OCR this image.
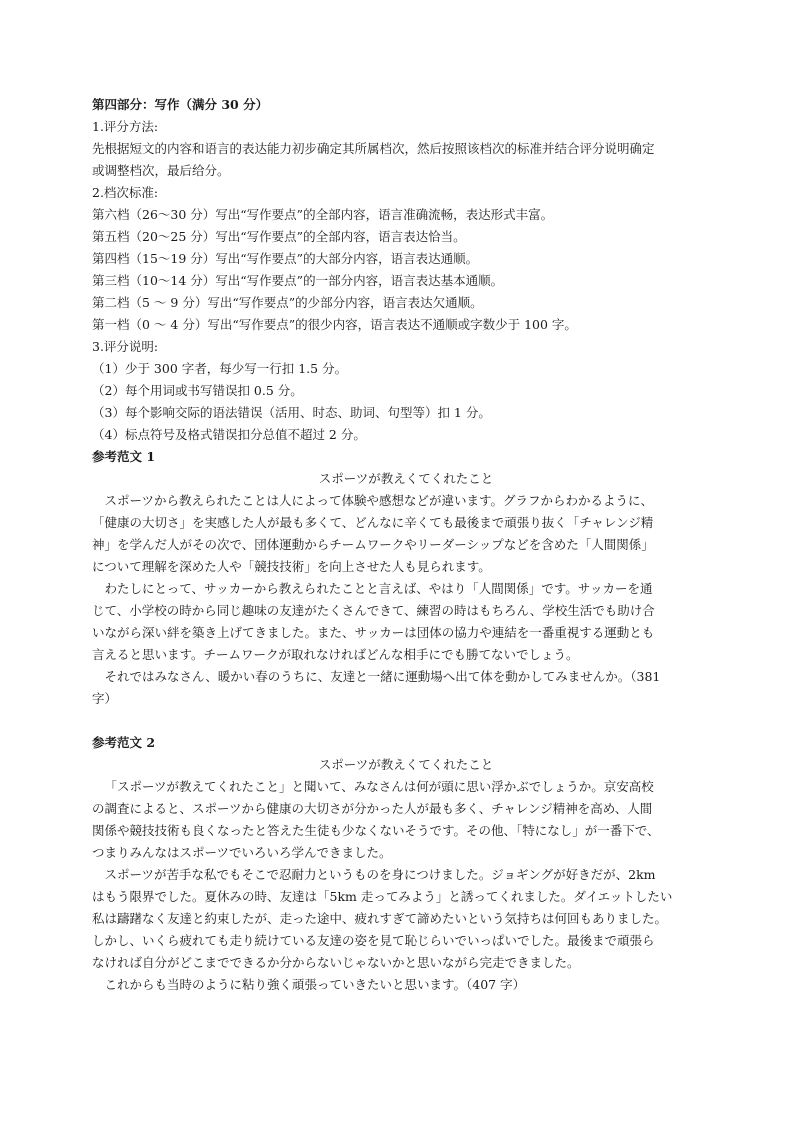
第四部分：写作（满分 30 分）
1.评分方法:
先根据短文的内容和语言的表达能力初步确定其所属档次，然后按照该档次的标准并结合评分说明确定
或调整档次，最后给分。
2.档次标准:
第六档（26～30 分）写出“写作要点”的全部内容，语言准确流畅，表达形式丰富。
第五档（20～25 分）写出“写作要点”的全部内容，语言表达恰当。
第四档（15～19 分）写出“写作要点”的大部分内容，语言表达通顺。
第三档（10～14 分）写出“写作要点”的一部分内容，语言表达基本通顺。
第二档（5 ～ 9 分）写出“写作要点”的少部分内容，语言表达欠通顺。
第一档（0 ～ 4 分）写出“写作要点”的很少内容，语言表达不通顺或字数少于 100 字。
3.评分说明:
（1）少于 300 字者，每少写一行扣 1.5 分。
（2）每个用词或书写错误扣 0.5 分。
（3）每个影响交际的语法错误（活用、时态、助词、句型等）扣 1 分。
（4）标点符号及格式错误扣分总值不超过 2 分。
参考范文 1
スポーツが教えくてくれたこと
スポーツから教えられたことは人によって体験や感想などが違います。グラフからわかるように、
「健康の大切さ」を実感した人が最も多くて、どんなに辛くても最後まで頑張り抜く「チャレンジ精
神」を学んだ人がその次で、団体運動からチームワークやリーダーシップなどを含めた「人間関係」
について理解を深めた人や「競技技術」を向上させた人も見られます。
わたしにとって、サッカーから教えられたことと言えば、やはり「人間関係」です。サッカーを通
じて、小学校の時から同じ趣味の友達がたくさんできて、練習の時はもちろん、学校生活でも助け合
いながら深い絆を築き上げてきました。また、サッカーは団体の協力や連結を一番重視する運動とも
言えると思います。チームワークが取れなければどんな相手にでも勝てないでしょう。
それではみなさん、暖かい春のうちに、友達と一緒に運動場へ出て体を動かしてみませんか。（381
字）
参考范文 2
スポーツが教えくてくれたこと
「スポーツが教えてくれたこと」と聞いて、みなさんは何が頭に思い浮かぶでしょうか。京安高校
の調査によると、スポーツから健康の大切さが分かった人が最も多く、チャレンジ精神を高め、人間
関係や競技技術も良くなったと答えた生徒も少なくないそうです。その他、「特になし」が一番下で、
つまりみんなはスポーツでいろいろ学んできました。
スポーツが苦手な私でもそこで忍耐力というものを身につけました。ジョギングが好きだが、2km
はもう限界でした。夏休みの時、友達は「5km 走ってみよう」と誘ってくれました。ダイエットしたい
私は躊躇なく友達と約束したが、走った途中、疲れすぎて諦めたいという気持ちは何回もありました。
しかし、いくら疲れても走り続けている友達の姿を見て恥じらいでいっぱいでした。最後まで頑張ら
なければ自分がどこまでできるか分からないじゃないかと思いながら完走できました。
これからも当時のように粘り強く頑張っていきたいと思います。（407 字）
